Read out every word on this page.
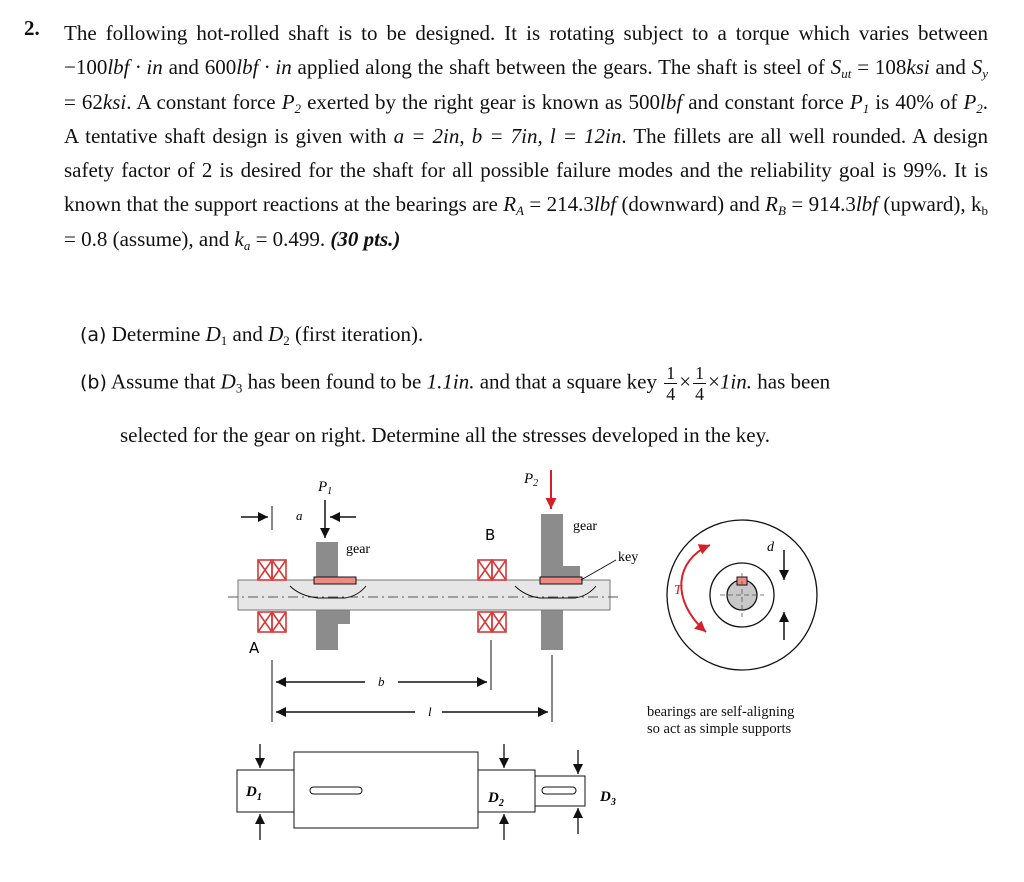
2. The following hot-rolled shaft is to be designed. It is rotating subject to a torque which varies between −100lbf · in and 600lbf · in applied along the shaft between the gears. The shaft is steel of $S_{ut} = 108ksi$ and $S_y = 62ksi$. A constant force $P_2$ exerted by the right gear is known as 500lbf and constant force $P_1$ is 40% of $P_2$. A tentative shaft design is given with a = 2in, b = 7in, l = 12in. The fillets are all well rounded. A design safety factor of 2 is desired for the shaft for all possible failure modes and the reliability goal is 99%. It is known that the support reactions at the bearings are $R_A = 214.3lbf$ (downward) and $R_B = 914.3lbf$ (upward), $k_b = 0.8$ (assume), and $k_a = 0.499$. (30 pts.)
(a) Determine $D_1$ and $D_2$ (first iteration).
(b) Assume that $D_3$ has been found to be 1.1in. and that a square key $\frac{1}{4} \times \frac{1}{4} \times 1in$. has been
selected for the gear on right. Determine all the stresses developed in the key.
$P_1$
$P_2$
a
gear
gear
A
B
key
b
l
T
d
$D_1$	$D_2$	$D_3$
bearings are self-aligning
so act as simple supports
